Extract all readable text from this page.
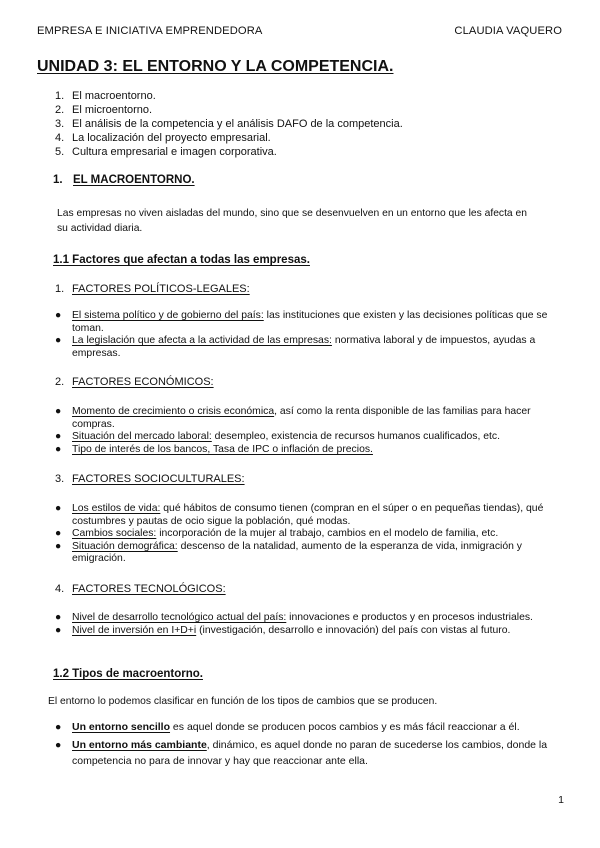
EMPRESA E INICIATIVA EMPRENDEDORA	CLAUDIA VAQUERO
UNIDAD 3: EL ENTORNO Y LA COMPETENCIA.
1. El macroentorno.
2. El microentorno.
3. El análisis de la competencia y el análisis DAFO de la competencia.
4. La localización del proyecto empresarial.
5. Cultura empresarial e imagen corporativa.
1. EL MACROENTORNO.
Las empresas no viven aisladas del mundo, sino que se desenvuelven en un entorno que les afecta en su actividad diaria.
1.1 Factores que afectan a todas las empresas.
1. FACTORES POLÍTICOS-LEGALES:
● El sistema político y de gobierno del país: las instituciones que existen y las decisiones políticas que se toman.
● La legislación que afecta a la actividad de las empresas: normativa laboral y de impuestos, ayudas a empresas.
2. FACTORES ECONÓMICOS:
● Momento de crecimiento o crisis económica, así como la renta disponible de las familias para hacer compras.
● Situación del mercado laboral: desempleo, existencia de recursos humanos cualificados, etc.
● Tipo de interés de los bancos, Tasa de IPC o inflación de precios.
3. FACTORES SOCIOCULTURALES:
● Los estilos de vida: qué hábitos de consumo tienen (compran en el súper o en pequeñas tiendas), qué costumbres y pautas de ocio sigue la población, qué modas.
● Cambios sociales: incorporación de la mujer al trabajo, cambios en el modelo de familia, etc.
● Situación demográfica: descenso de la natalidad, aumento de la esperanza de vida, inmigración y emigración.
4. FACTORES TECNOLÓGICOS:
● Nivel de desarrollo tecnológico actual del país: innovaciones e productos y en procesos industriales.
● Nivel de inversión en I+D+i (investigación, desarrollo e innovación) del país con vistas al futuro.
1.2 Tipos de macroentorno.
El entorno lo podemos clasificar en función de los tipos de cambios que se producen.
● Un entorno sencillo es aquel donde se producen pocos cambios y es más fácil reaccionar a él.
● Un entorno más cambiante, dinámico, es aquel donde no paran de sucederse los cambios, donde la competencia no para de innovar y hay que reaccionar ante ella.
1
